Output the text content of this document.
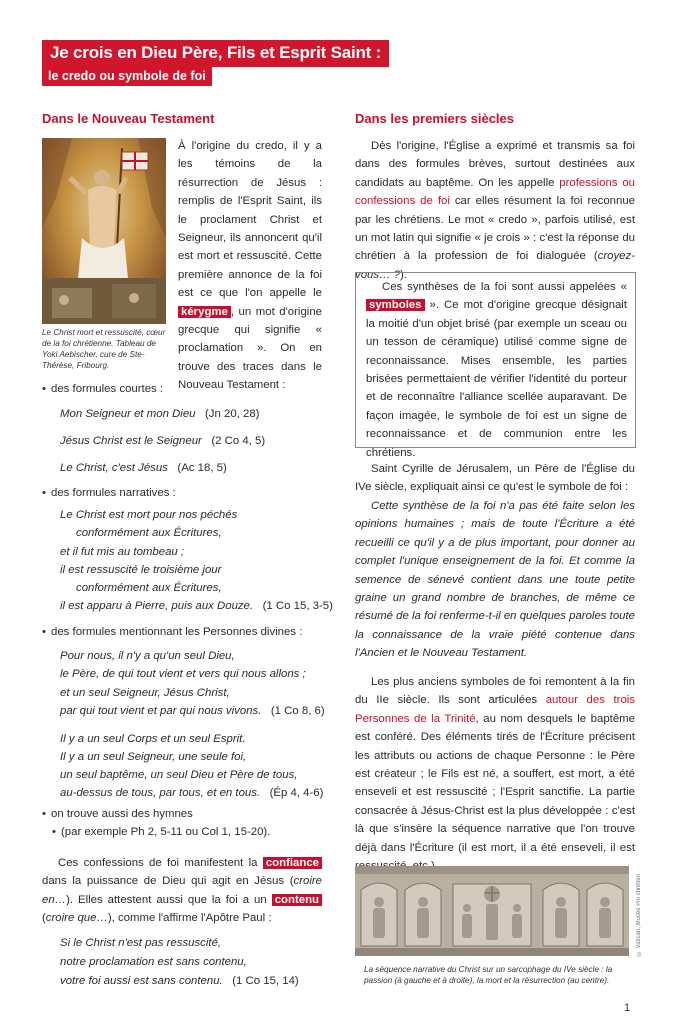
Je crois en Dieu Père, Fils et Esprit Saint :
le credo ou symbole de foi
Dans le Nouveau Testament
Le Christ mort et ressuscité, cœur de la foi chrétienne. Tableau de Yoki Aebischer, cure de Ste-Thérèse, Fribourg.
À l'origine du credo, il y a les témoins de la résurrection de Jésus : remplis de l'Esprit Saint, ils le proclament Christ et Seigneur, ils annoncent qu'il est mort et ressuscité. Cette première annonce de la foi est ce que l'on appelle le kérygme , un mot d'origine grecque qui signifie « proclamation ». On en trouve des traces dans le Nouveau Testament :
• des formules courtes :
Mon Seigneur et mon Dieu (Jn 20, 28)
Jésus Christ est le Seigneur (2 Co 4, 5)
Le Christ, c'est Jésus (Ac 18, 5)
• des formules narratives :
Le Christ est mort pour nos péchés
conformément aux Écritures,
et il fut mis au tombeau ;
il est ressuscité le troisième jour
conformément aux Écritures,
il est apparu à Pierre, puis aux Douze. (1 Co 15, 3-5)
• des formules mentionnant les Personnes divines :
Pour nous, il n'y a qu'un seul Dieu,
le Père, de qui tout vient et vers qui nous allons ;
et un seul Seigneur, Jésus Christ,
par qui tout vient et par qui nous vivons. (1 Co 8, 6)
Il y a un seul Corps et un seul Esprit.
Il y a un seul Seigneur, une seule foi,
un seul baptême, un seul Dieu et Père de tous,
au-dessus de tous, par tous, et en tous. (Ép 4, 4-6)
• on trouve aussi des hymnes
• (par exemple Ph 2, 5-11 ou Col 1, 15-20).
Ces confessions de foi manifestent la confiance dans la puissance de Dieu qui agit en Jésus (croire en…). Elles attestent aussi que la foi a un contenu (croire que…), comme l'affirme l'Apôtre Paul :
Si le Christ n'est pas ressuscité,
notre proclamation est sans contenu,
votre foi aussi est sans contenu. (1 Co 15, 14)
Dans les premiers siècles
Dès l'origine, l'Église a exprimé et transmis sa foi dans des formules brèves, surtout destinées aux candidats au baptême. On les appelle professions ou confessions de foi car elles résument la foi reconnue par les chrétiens. Le mot « credo », parfois utilisé, est un mot latin qui signifie « je crois » : c'est la réponse du chrétien à la profession de foi dialoguée (croyez-vous… ?).
Ces synthèses de la foi sont aussi appelées « symboles ». Ce mot d'origine grecque désignait la moitié d'un objet brisé (par exemple un sceau ou un tesson de céramique) utilisé comme signe de reconnaissance. Mises ensemble, les parties brisées permettaient de vérifier l'identité du porteur et de reconnaître l'alliance scellée auparavant. De façon imagée, le symbole de foi est un signe de reconnaissance et de communion entre les chrétiens.
Saint Cyrille de Jérusalem, un Père de l'Église du IVe siècle, expliquait ainsi ce qu'est le symbole de foi :
Cette synthèse de la foi n'a pas été faite selon les opinions humaines ; mais de toute l'Écriture a été recueilli ce qu'il y a de plus important, pour donner au complet l'unique enseignement de la foi. Et comme la semence de sénevé contient dans une toute petite graine un grand nombre de branches, de même ce résumé de la foi renferme-t-il en quelques paroles toute la connaissance de la vraie piété contenue dans l'Ancien et le Nouveau Testament.
Les plus anciens symboles de foi remontent à la fin du IIe siècle. Ils sont articulées autour des trois Personnes de la Trinité, au nom desquels le baptême est conféré. Des éléments tirés de l'Écriture précisent les attributs ou actions de chaque Personne : le Père est créateur ; le Fils est né, a souffert, est mort, a été enseveli et est ressuscité ; l'Esprit sanctifie. La partie consacrée à Jésus-Christ est la plus développée : c'est là que s'insère la séquence narrative que l'on trouve déjà dans l'Écriture (il est mort, il a été enseveli, il est
© Vatican, Musée Pio chrétien
La séquence narrative du Christ sur un sarcophage du IVe siècle : la passion (à gauche et à droite), la mort et la résurrection (au centre).
1
